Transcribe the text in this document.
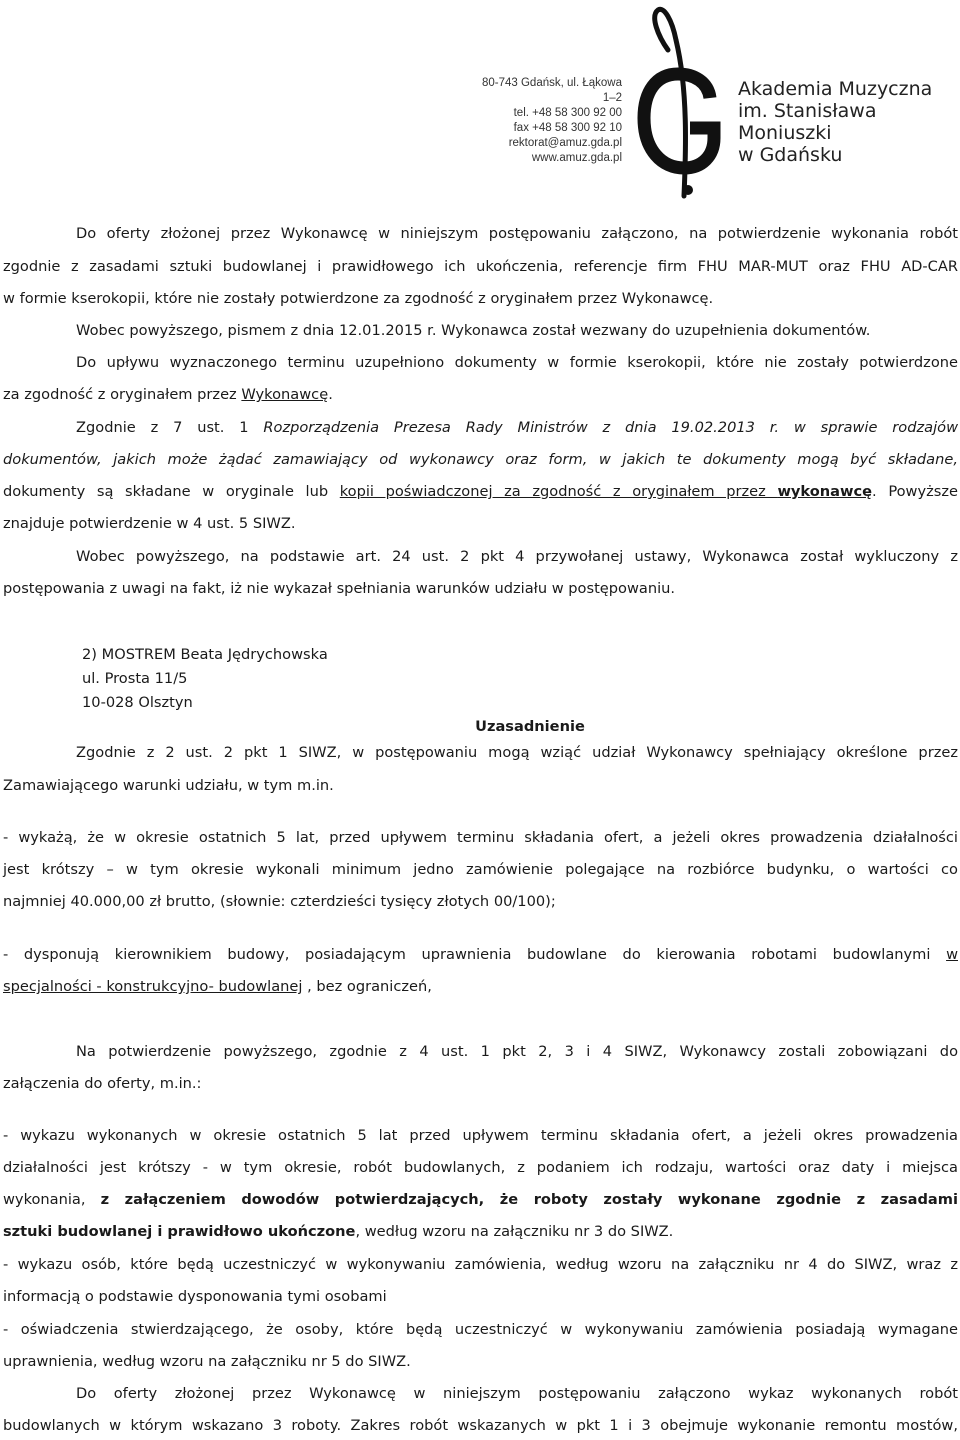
80-743 Gdańsk, ul. Łąkowa 1–2
tel. +48 58 300 92 00
fax +48 58 300 92 10
rektorat@amuz.gda.pl
www.amuz.gda.pl
Akademia Muzyczna
im. Stanisława Moniuszki
w Gdańsku
Do oferty złożonej przez Wykonawcę w niniejszym postępowaniu załączono, na potwierdzenie wykonania robót
zgodnie z zasadami sztuki budowlanej i prawidłowego ich ukończenia, referencje firm FHU MAR-MUT oraz FHU AD-CAR
w formie kserokopii, które nie zostały potwierdzone za zgodność z oryginałem przez Wykonawcę.
Wobec powyższego, pismem z dnia 12.01.2015 r. Wykonawca został wezwany do uzupełnienia dokumentów.
Do upływu wyznaczonego terminu uzupełniono dokumenty w formie kserokopii, które nie zostały potwierdzone
za zgodność z oryginałem przez Wykonawcę.
Zgodnie z 7 ust. 1 Rozporządzenia Prezesa Rady Ministrów z dnia 19.02.2013 r. w sprawie rodzajów
dokumentów, jakich może żądać zamawiający od wykonawcy oraz form, w jakich te dokumenty mogą być składane,
dokumenty są składane w oryginale lub kopii poświadczonej za zgodność z oryginałem przez wykonawcę. Powyższe
znajduje potwierdzenie w 4 ust. 5 SIWZ.
Wobec powyższego, na podstawie art. 24 ust. 2 pkt 4 przywołanej ustawy, Wykonawca został wykluczony z
postępowania z uwagi na fakt, iż nie wykazał spełniania warunków udziału w postępowaniu.
2) MOSTREM Beata Jędrychowska
ul. Prosta 11/5
10-028 Olsztyn
Uzasadnienie
Zgodnie z 2 ust. 2 pkt 1 SIWZ, w postępowaniu mogą wziąć udział Wykonawcy spełniający określone przez
Zamawiającego warunki udziału, w tym m.in.
- wykażą, że w okresie ostatnich 5 lat, przed upływem terminu składania ofert, a jeżeli okres prowadzenia działalności
jest krótszy – w tym okresie wykonali minimum jedno zamówienie polegające na rozbiórce budynku, o wartości co
najmniej 40.000,00 zł brutto, (słownie: czterdzieści tysięcy złotych 00/100);
- dysponują kierownikiem budowy, posiadającym uprawnienia budowlane do kierowania robotami budowlanymi w
specjalności - konstrukcyjno- budowlanej , bez ograniczeń,
Na potwierdzenie powyższego, zgodnie z 4 ust. 1 pkt 2, 3 i 4 SIWZ, Wykonawcy zostali zobowiązani do
załączenia do oferty, m.in.:
- wykazu wykonanych w okresie ostatnich 5 lat przed upływem terminu składania ofert, a jeżeli okres prowadzenia
działalności jest krótszy - w tym okresie, robót budowlanych, z podaniem ich rodzaju, wartości oraz daty i miejsca
wykonania, z załączeniem dowodów potwierdzających, że roboty zostały wykonane zgodnie z zasadami
sztuki budowlanej i prawidłowo ukończone, według wzoru na załączniku nr 3 do SIWZ.
- wykazu osób, które będą uczestniczyć w wykonywaniu zamówienia, według wzoru na załączniku nr 4 do SIWZ, wraz z
informacją o podstawie dysponowania tymi osobami
- oświadczenia stwierdzającego, że osoby, które będą uczestniczyć w wykonywaniu zamówienia posiadają wymagane
uprawnienia, według wzoru na załączniku nr 5 do SIWZ.
Do oferty złożonej przez Wykonawcę w niniejszym postępowaniu załączono wykaz wykonanych robót
budowlanych w którym wskazano 3 roboty. Zakres robót wskazanych w pkt 1 i 3 obejmuje wykonanie remontu mostów,
